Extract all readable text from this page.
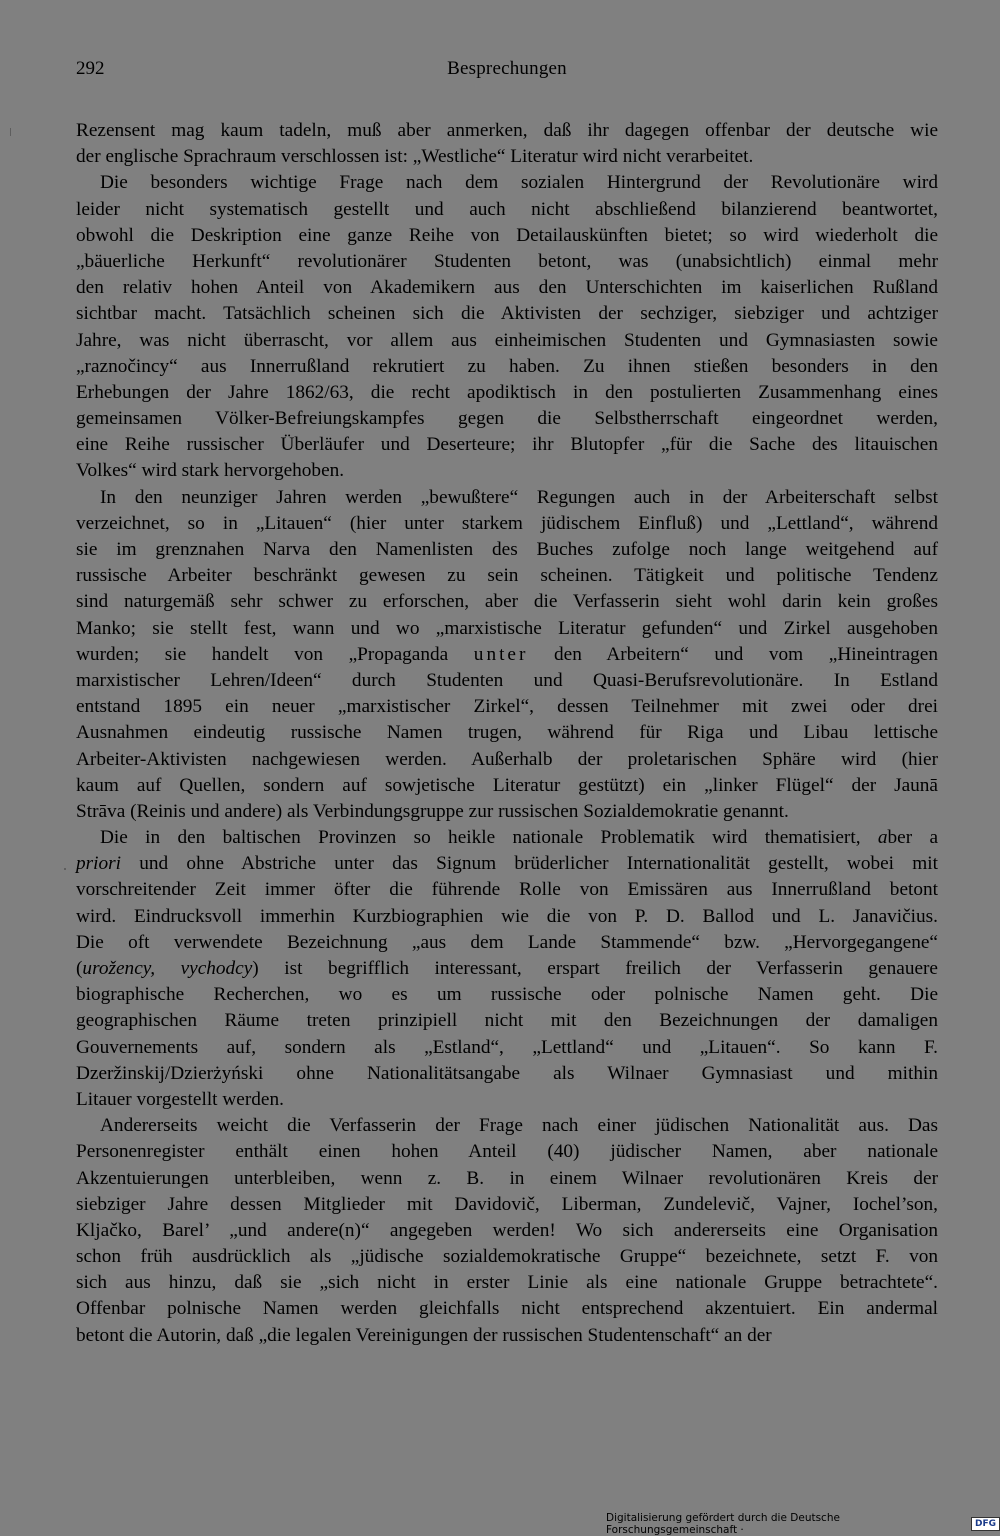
292	Besprechungen
Rezensent mag kaum tadeln, muß aber anmerken, daß ihr dagegen offenbar der deutsche wie
der englische Sprachraum verschlossen ist: „Westliche“ Literatur wird nicht verarbeitet.
Die besonders wichtige Frage nach dem sozialen Hintergrund der Revolutionäre wird
leider nicht systematisch gestellt und auch nicht abschließend bilanzierend beantwortet,
obwohl die Deskription eine ganze Reihe von Detailauskünften bietet; so wird wiederholt die
„bäuerliche Herkunft“ revolutionärer Studenten betont, was (unabsichtlich) einmal mehr
den relativ hohen Anteil von Akademikern aus den Unterschichten im kaiserlichen Rußland
sichtbar macht. Tatsächlich scheinen sich die Aktivisten der sechziger, siebziger und achtziger
Jahre, was nicht überrascht, vor allem aus einheimischen Studenten und Gymnasiasten sowie
„raznočincy“ aus Innerrußland rekrutiert zu haben. Zu ihnen stießen besonders in den
Erhebungen der Jahre 1862/63, die recht apodiktisch in den postulierten Zusammenhang eines
gemeinsamen Völker-Befreiungskampfes gegen die Selbstherrschaft eingeordnet werden,
eine Reihe russischer Überläufer und Deserteure; ihr Blutopfer „für die Sache des litauischen
Volkes“ wird stark hervorgehoben.
In den neunziger Jahren werden „bewußtere“ Regungen auch in der Arbeiterschaft selbst
verzeichnet, so in „Litauen“ (hier unter starkem jüdischem Einfluß) und „Lettland“, während
sie im grenznahen Narva den Namenlisten des Buches zufolge noch lange weitgehend auf
russische Arbeiter beschränkt gewesen zu sein scheinen. Tätigkeit und politische Tendenz
sind naturgemäß sehr schwer zu erforschen, aber die Verfasserin sieht wohl darin kein großes
Manko; sie stellt fest, wann und wo „marxistische Literatur gefunden“ und Zirkel ausgehoben
wurden; sie handelt von „Propaganda unter den Arbeitern“ und vom „Hineintragen
marxistischer Lehren/Ideen“ durch Studenten und Quasi-Berufsrevolutionäre. In Estland
entstand 1895 ein neuer „marxistischer Zirkel“, dessen Teilnehmer mit zwei oder drei
Ausnahmen eindeutig russische Namen trugen, während für Riga und Libau lettische
Arbeiter-Aktivisten nachgewiesen werden. Außerhalb der proletarischen Sphäre wird (hier
kaum auf Quellen, sondern auf sowjetische Literatur gestützt) ein „linker Flügel“ der Jaunā
Strāva (Reinis und andere) als Verbindungsgruppe zur russischen Sozialdemokratie genannt.
Die in den baltischen Provinzen so heikle nationale Problematik wird thematisiert, aber a
priori und ohne Abstriche unter das Signum brüderlicher Internationalität gestellt, wobei mit
vorschreitender Zeit immer öfter die führende Rolle von Emissären aus Innerrußland betont
wird. Eindrucksvoll immerhin Kurzbiographien wie die von P. D. Ballod und L. Janavičius.
Die oft verwendete Bezeichnung „aus dem Lande Stammende“ bzw. „Hervorgegangene“
(urožency, vychodcy) ist begrifflich interessant, erspart freilich der Verfasserin genauere
biographische Recherchen, wo es um russische oder polnische Namen geht. Die
geographischen Räume treten prinzipiell nicht mit den Bezeichnungen der damaligen
Gouvernements auf, sondern als „Estland“, „Lettland“ und „Litauen“. So kann F.
Dzeržinskij/Dzierżyński ohne Nationalitätsangabe als Wilnaer Gymnasiast und mithin
Litauer vorgestellt werden.
Andererseits weicht die Verfasserin der Frage nach einer jüdischen Nationalität aus. Das
Personenregister enthält einen hohen Anteil (40) jüdischer Namen, aber nationale
Akzentuierungen unterbleiben, wenn z. B. in einem Wilnaer revolutionären Kreis der
siebziger Jahre dessen Mitglieder mit Davidovič, Liberman, Zundelevič, Vajner, Iochel’son,
Kljačko, Barel’ „und andere(n)“ angegeben werden! Wo sich andererseits eine Organisation
schon früh ausdrücklich als „jüdische sozialdemokratische Gruppe“ bezeichnete, setzt F. von
sich aus hinzu, daß sie „sich nicht in erster Linie als eine nationale Gruppe betrachtete“.
Offenbar polnische Namen werden gleichfalls nicht entsprechend akzentuiert. Ein andermal
betont die Autorin, daß „die legalen Vereinigungen der russischen Studentenschaft“ an der
Digitalisierung gefördert durch die Deutsche Forschungsgemeinschaft ·	DFG
